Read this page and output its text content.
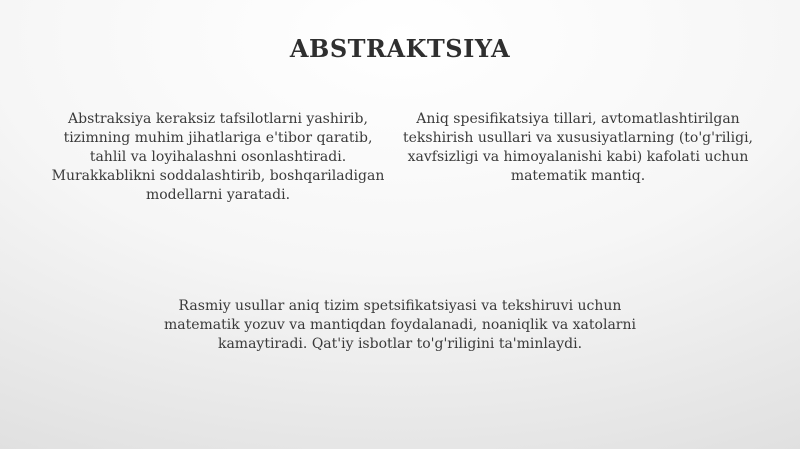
ABSTRAKTSIYA

Abstraksiya keraksiz tafsilotlarni yashirib, tizimning muhim jihatlariga e'tibor qaratib, tahlil va loyihalashni osonlashtiradi. Murakkablikni soddalashtirib, boshqariladigan modellarni yaratadi.

Aniq spesifikatsiya tillari, avtomatlashtirilgan tekshirish usullari va xususiyatlarning (to'g'riligi, xavfsizligi va himoyalanishi kabi) kafolati uchun matematik mantiq.

Rasmiy usullar aniq tizim spetsifikatsiyasi va tekshiruvi uchun matematik yozuv va mantiqdan foydalanadi, noaniqlik va xatolarni kamaytiradi. Qat'iy isbotlar to'g'riligini ta'minlaydi.
